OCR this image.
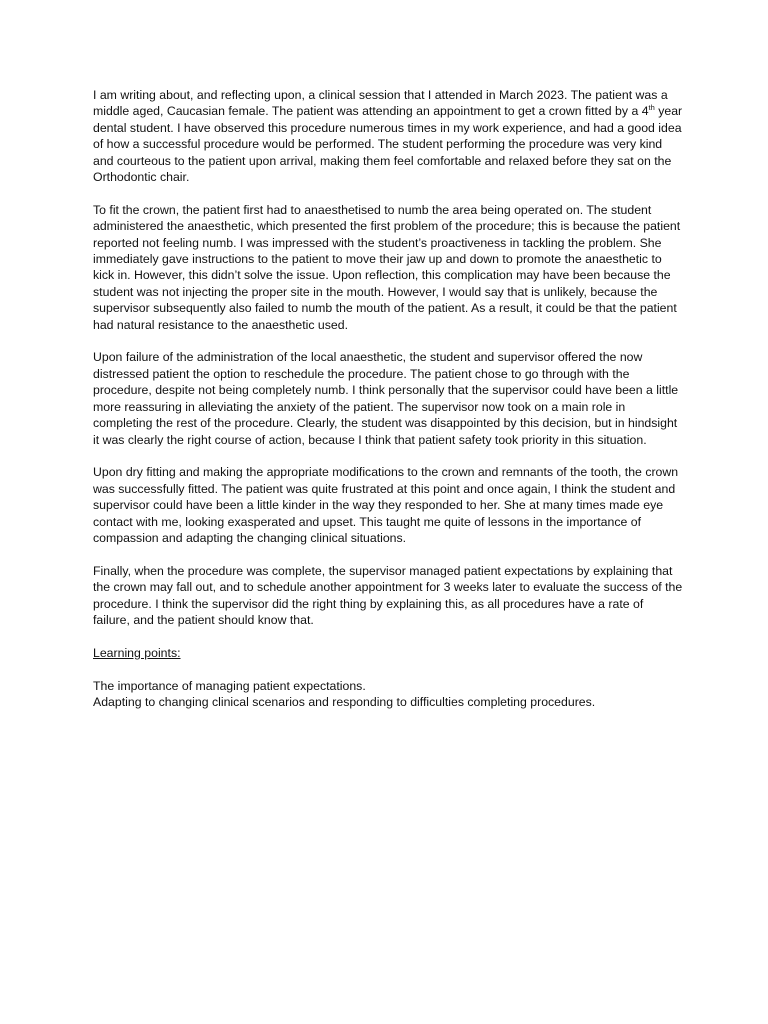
I am writing about, and reflecting upon, a clinical session that I attended in March 2023. The patient was a middle aged, Caucasian female. The patient was attending an appointment to get a crown fitted by a 4th year dental student. I have observed this procedure numerous times in my work experience, and had a good idea of how a successful procedure would be performed. The student performing the procedure was very kind and courteous to the patient upon arrival, making them feel comfortable and relaxed before they sat on the Orthodontic chair.

To fit the crown, the patient first had to anaesthetised to numb the area being operated on. The student administered the anaesthetic, which presented the first problem of the procedure; this is because the patient reported not feeling numb. I was impressed with the student’s proactiveness in tackling the problem. She immediately gave instructions to the patient to move their jaw up and down to promote the anaesthetic to kick in. However, this didn’t solve the issue. Upon reflection, this complication may have been because the student was not injecting the proper site in the mouth. However, I would say that is unlikely, because the supervisor subsequently also failed to numb the mouth of the patient. As a result, it could be that the patient had natural resistance to the anaesthetic used.

Upon failure of the administration of the local anaesthetic, the student and supervisor offered the now distressed patient the option to reschedule the procedure. The patient chose to go through with the procedure, despite not being completely numb. I think personally that the supervisor could have been a little more reassuring in alleviating the anxiety of the patient. The supervisor now took on a main role in completing the rest of the procedure. Clearly, the student was disappointed by this decision, but in hindsight it was clearly the right course of action, because I think that patient safety took priority in this situation.

Upon dry fitting and making the appropriate modifications to the crown and remnants of the tooth, the crown was successfully fitted. The patient was quite frustrated at this point and once again, I think the student and supervisor could have been a little kinder in the way they responded to her. She at many times made eye contact with me, looking exasperated and upset. This taught me quite of lessons in the importance of compassion and adapting the changing clinical situations.

Finally, when the procedure was complete, the supervisor managed patient expectations by explaining that the crown may fall out, and to schedule another appointment for 3 weeks later to evaluate the success of the procedure. I think the supervisor did the right thing by explaining this, as all procedures have a rate of failure, and the patient should know that.

Learning points:

The importance of managing patient expectations.
Adapting to changing clinical scenarios and responding to difficulties completing procedures.
